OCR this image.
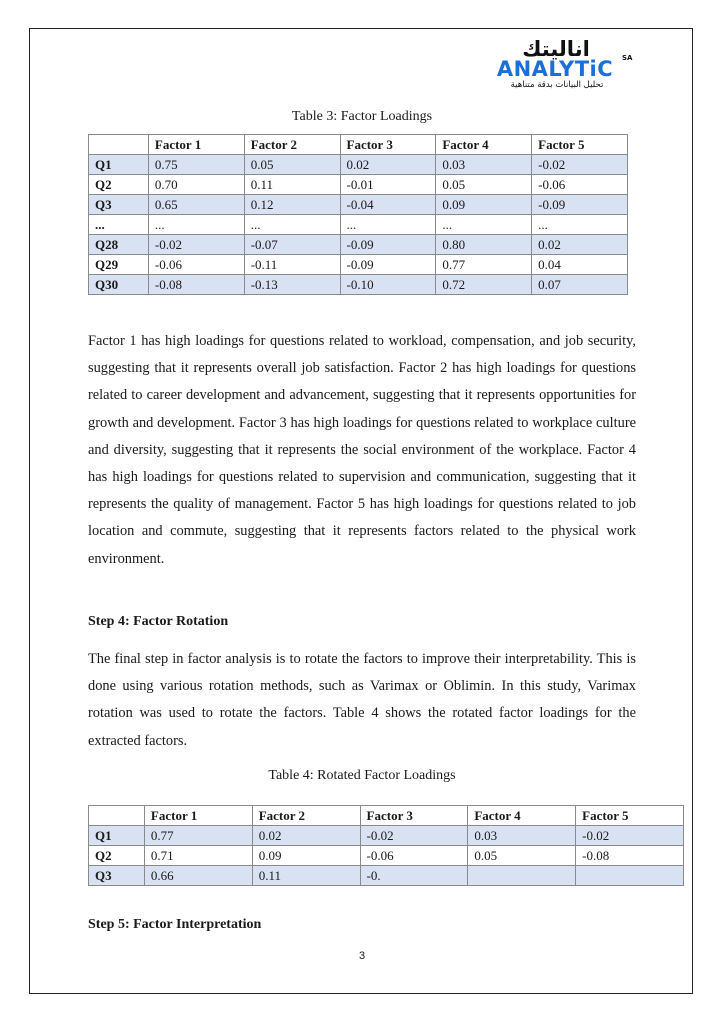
انالیتك
ANALYTiC	SA
تحليل البيانات بدقة متناهية
Table 3: Factor Loadings
	Factor 1	Factor 2	Factor 3	Factor 4	Factor 5
Q1	0.75	0.05	0.02	0.03	-0.02
Q2	0.70	0.11	-0.01	0.05	-0.06
Q3	0.65	0.12	-0.04	0.09	-0.09
...	...	...	...	...	...
Q28	-0.02	-0.07	-0.09	0.80	0.02
Q29	-0.06	-0.11	-0.09	0.77	0.04
Q30	-0.08	-0.13	-0.10	0.72	0.07

Factor 1 has high loadings for questions related to workload, compensation, and job security, suggesting that it represents overall job satisfaction. Factor 2 has high loadings for questions related to career development and advancement, suggesting that it represents opportunities for growth and development. Factor 3 has high loadings for questions related to workplace culture and diversity, suggesting that it represents the social environment of the workplace. Factor 4 has high loadings for questions related to supervision and communication, suggesting that it represents the quality of management. Factor 5 has high loadings for questions related to job location and commute, suggesting that it represents factors related to the physical work environment.

Step 4: Factor Rotation

The final step in factor analysis is to rotate the factors to improve their interpretability. This is done using various rotation methods, such as Varimax or Oblimin. In this study, Varimax rotation was used to rotate the factors. Table 4 shows the rotated factor loadings for the extracted factors.

Table 4: Rotated Factor Loadings
	Factor 1	Factor 2	Factor 3	Factor 4	Factor 5
Q1	0.77	0.02	-0.02	0.03	-0.02
Q2	0.71	0.09	-0.06	0.05	-0.08
Q3	0.66	0.11	-0.		

Step 5: Factor Interpretation

3
